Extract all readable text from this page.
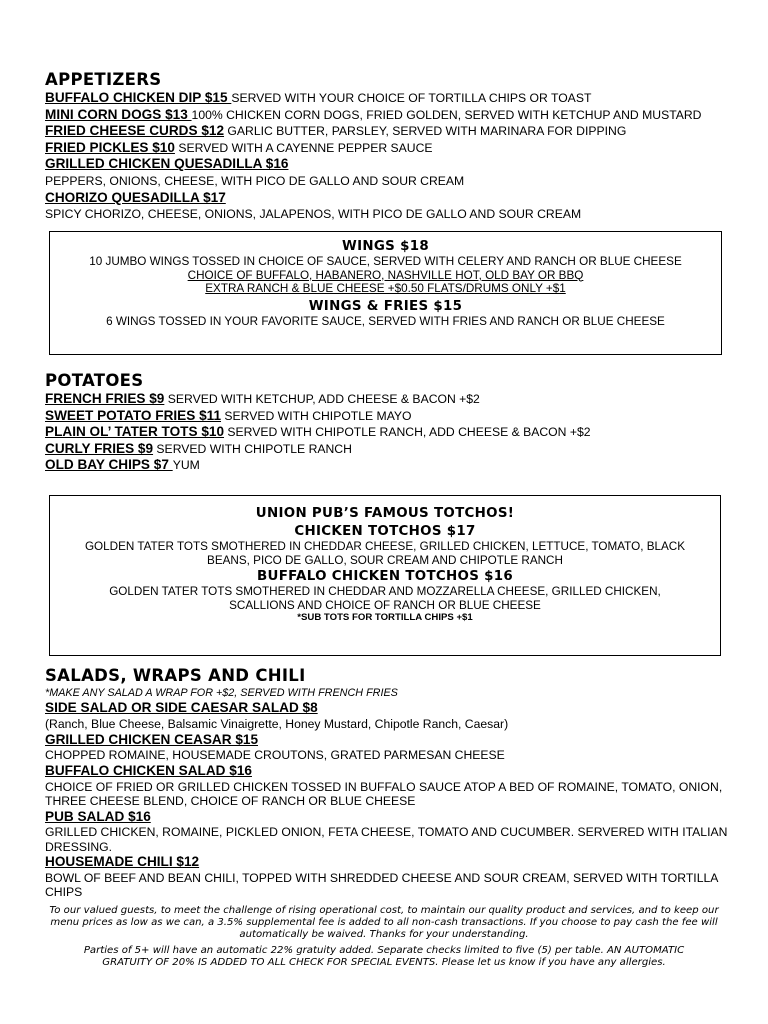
APPETIZERS

BUFFALO CHICKEN DIP $15 SERVED WITH YOUR CHOICE OF TORTILLA CHIPS OR TOAST

MINI CORN DOGS $13 100% CHICKEN CORN DOGS, FRIED GOLDEN, SERVED WITH KETCHUP AND MUSTARD

FRIED CHEESE CURDS $12 GARLIC BUTTER, PARSLEY, SERVED WITH MARINARA FOR DIPPING

FRIED PICKLES $10 SERVED WITH A CAYENNE PEPPER SAUCE

GRILLED CHICKEN QUESADILLA $16

PEPPERS, ONIONS, CHEESE, WITH PICO DE GALLO AND SOUR CREAM

CHORIZO QUESADILLA $17

SPICY CHORIZO, CHEESE, ONIONS, JALAPENOS, WITH PICO DE GALLO AND SOUR CREAM

WINGS $18

10 JUMBO WINGS TOSSED IN CHOICE OF SAUCE, SERVED WITH CELERY AND RANCH OR BLUE CHEESE

CHOICE OF BUFFALO, HABANERO, NASHVILLE HOT, OLD BAY OR BBQ

EXTRA RANCH & BLUE CHEESE +$0.50 FLATS/DRUMS ONLY +$1

WINGS & FRIES $15

6 WINGS TOSSED IN YOUR FAVORITE SAUCE, SERVED WITH FRIES AND RANCH OR BLUE CHEESE

POTATOES

FRENCH FRIES $9 SERVED WITH KETCHUP, ADD CHEESE & BACON +$2

SWEET POTATO FRIES $11 SERVED WITH CHIPOTLE MAYO

PLAIN OL’ TATER TOTS $10 SERVED WITH CHIPOTLE RANCH, ADD CHEESE & BACON +$2

CURLY FRIES $9 SERVED WITH CHIPOTLE RANCH

OLD BAY CHIPS $7 YUM

UNION PUB’S FAMOUS TOTCHOS!

CHICKEN TOTCHOS $17

GOLDEN TATER TOTS SMOTHERED IN CHEDDAR CHEESE, GRILLED CHICKEN, LETTUCE, TOMATO, BLACK

BEANS, PICO DE GALLO, SOUR CREAM AND CHIPOTLE RANCH

BUFFALO CHICKEN TOTCHOS $16

GOLDEN TATER TOTS SMOTHERED IN CHEDDAR AND MOZZARELLA CHEESE, GRILLED CHICKEN,

SCALLIONS AND CHOICE OF RANCH OR BLUE CHEESE

*SUB TOTS FOR TORTILLA CHIPS +$1

SALADS, WRAPS AND CHILI

*MAKE ANY SALAD A WRAP FOR +$2, SERVED WITH FRENCH FRIES

SIDE SALAD OR SIDE CAESAR SALAD $8

(Ranch, Blue Cheese, Balsamic Vinaigrette, Honey Mustard, Chipotle Ranch, Caesar)

GRILLED CHICKEN CEASAR $15

CHOPPED ROMAINE, HOUSEMADE CROUTONS, GRATED PARMESAN CHEESE

BUFFALO CHICKEN SALAD $16

CHOICE OF FRIED OR GRILLED CHICKEN TOSSED IN BUFFALO SAUCE ATOP A BED OF ROMAINE, TOMATO, ONION, THREE CHEESE BLEND, CHOICE OF RANCH OR BLUE CHEESE

PUB SALAD $16

GRILLED CHICKEN, ROMAINE, PICKLED ONION, FETA CHEESE, TOMATO AND CUCUMBER. SERVERED WITH ITALIAN DRESSING.

HOUSEMADE CHILI $12

BOWL OF BEEF AND BEAN CHILI, TOPPED WITH SHREDDED CHEESE AND SOUR CREAM, SERVED WITH TORTILLA CHIPS

To our valued guests, to meet the challenge of rising operational cost, to maintain our quality product and services, and to keep our menu prices as low as we can, a 3.5% supplemental fee is added to all non-cash transactions. If you choose to pay cash the fee will automatically be waived. Thanks for your understanding.

Parties of 5+ will have an automatic 22% gratuity added. Separate checks limited to five (5) per table. AN AUTOMATIC GRATUITY OF 20% IS ADDED TO ALL CHECK FOR SPECIAL EVENTS. Please let us know if you have any allergies.
